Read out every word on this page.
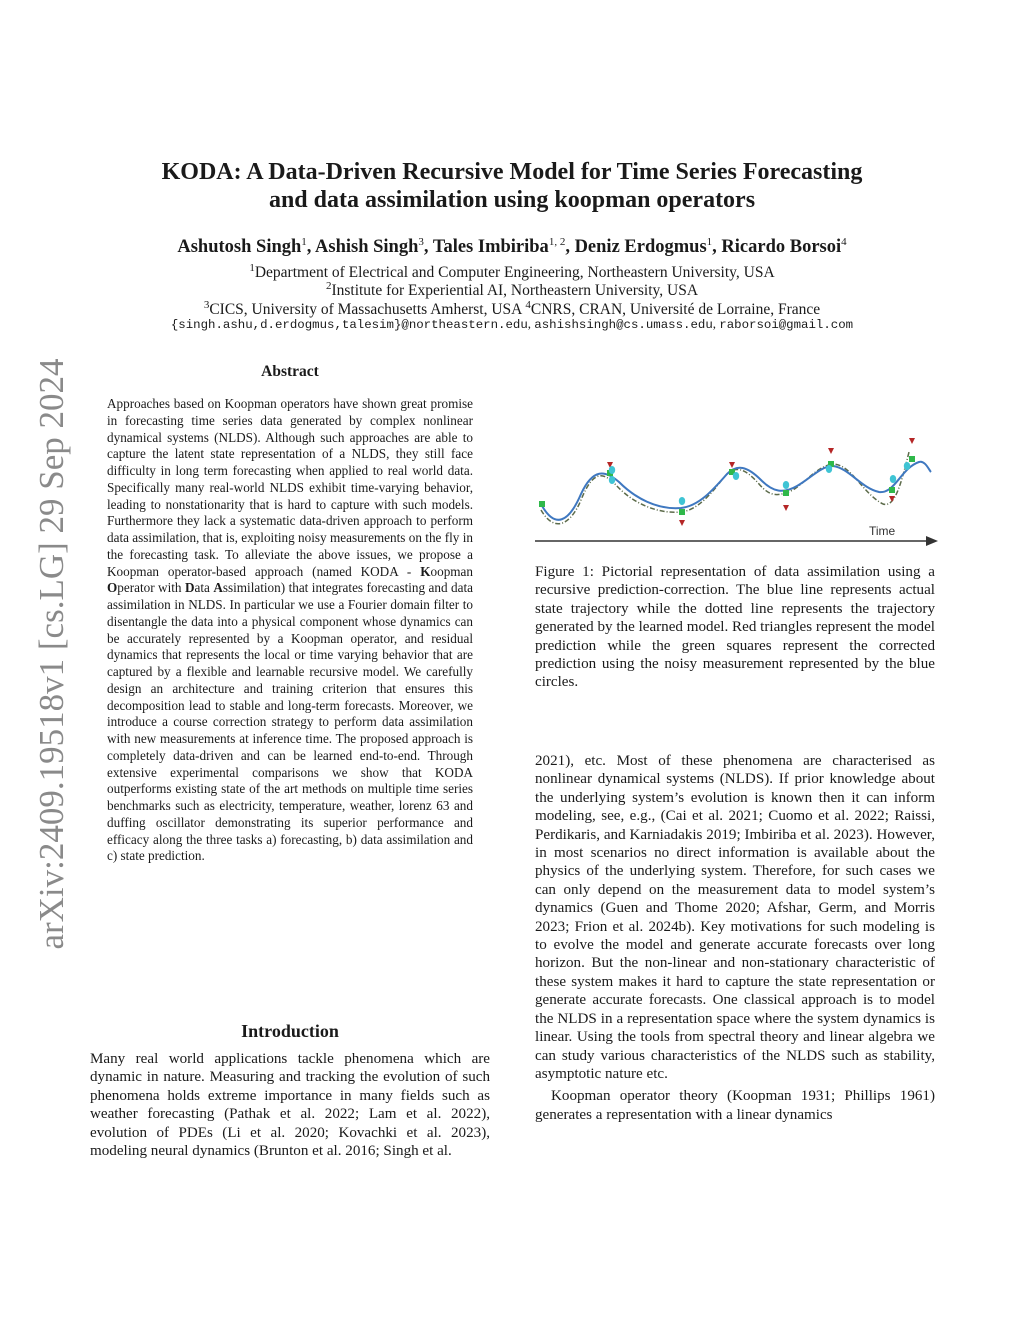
arXiv:2409.19518v1 [cs.LG] 29 Sep 2024
KODA: A Data-Driven Recursive Model for Time Series Forecasting
and data assimilation using koopman operators
Ashutosh Singh$^1$, Ashish Singh$^3$, Tales Imbiriba$^{1, 2}$, Deniz Erdogmus$^1$, Ricardo Borsoi$^4$
$^1$Department of Electrical and Computer Engineering, Northeastern University, USA
$^2$Institute for Experiential AI, Northeastern University, USA
$^3$CICS, University of Massachusetts Amherst, USA $^4$CNRS, CRAN, Université de Lorraine, France
{singh.ashu,d.erdogmus,talesim}@northeastern.edu, ashishsingh@cs.umass.edu, raborsoi@gmail.com
Abstract
Approaches based on Koopman operators have shown great promise in forecasting time series data generated by complex nonlinear dynamical systems (NLDS). Although such approaches are able to capture the latent state representation of a NLDS, they still face difficulty in long term forecasting when applied to real world data. Specifically many real-world NLDS exhibit time-varying behavior, leading to nonstationarity that is hard to capture with such models. Furthermore they lack a systematic data-driven approach to perform data assimilation, that is, exploiting noisy measurements on the fly in the forecasting task. To alleviate the above issues, we propose a Koopman operator-based approach (named KODA - Koopman Operator with Data Assimilation) that integrates forecasting and data assimilation in NLDS. In particular we use a Fourier domain filter to disentangle the data into a physical component whose dynamics can be accurately represented by a Koopman operator, and residual dynamics that represents the local or time varying behavior that are captured by a flexible and learnable recursive model. We carefully design an architecture and training criterion that ensures this decomposition lead to stable and long-term forecasts. Moreover, we introduce a course correction strategy to perform data assimilation with new measurements at inference time. The proposed approach is completely data-driven and can be learned end-to-end. Through extensive experimental comparisons we show that KODA outperforms existing state of the art methods on multiple time series benchmarks such as electricity, temperature, weather, lorenz 63 and duffing oscillator demonstrating its superior performance and efficacy along the three tasks a) forecasting, b) data assimilation and c) state prediction.
Introduction
Many real world applications tackle phenomena which are dynamic in nature. Measuring and tracking the evolution of such phenomena holds extreme importance in many fields such as weather forecasting (Pathak et al. 2022; Lam et al. 2022), evolution of PDEs (Li et al. 2020; Kovachki et al. 2023), modeling neural dynamics (Brunton et al. 2016; Singh et al.
Time
Figure 1: Pictorial representation of data assimilation using a recursive prediction-correction. The blue line represents actual state trajectory while the dotted line represents the trajectory generated by the learned model. Red triangles represent the model prediction while the green squares represent the corrected prediction using the noisy measurement represented by the blue circles.

2021), etc. Most of these phenomena are characterised as nonlinear dynamical systems (NLDS). If prior knowledge about the underlying system’s evolution is known then it can inform modeling, see, e.g., (Cai et al. 2021; Cuomo et al. 2022; Raissi, Perdikaris, and Karniadakis 2019; Imbiriba et al. 2023). However, in most scenarios no direct information is available about the physics of the underlying system. Therefore, for such cases we can only depend on the measurement data to model system’s dynamics (Guen and Thome 2020; Afshar, Germ, and Morris 2023; Frion et al. 2024b). Key motivations for such modeling is to evolve the model and generate accurate forecasts over long horizon. But the non-linear and non-stationary characteristic of these system makes it hard to capture the state representation or generate accurate forecasts. One classical approach is to model the NLDS in a representation space where the system dynamics is linear. Using the tools from spectral theory and linear algebra we can study various characteristics of the NLDS such as stability, asymptotic nature etc.

Koopman operator theory (Koopman 1931; Phillips 1961) generates a representation with a linear dynamics
